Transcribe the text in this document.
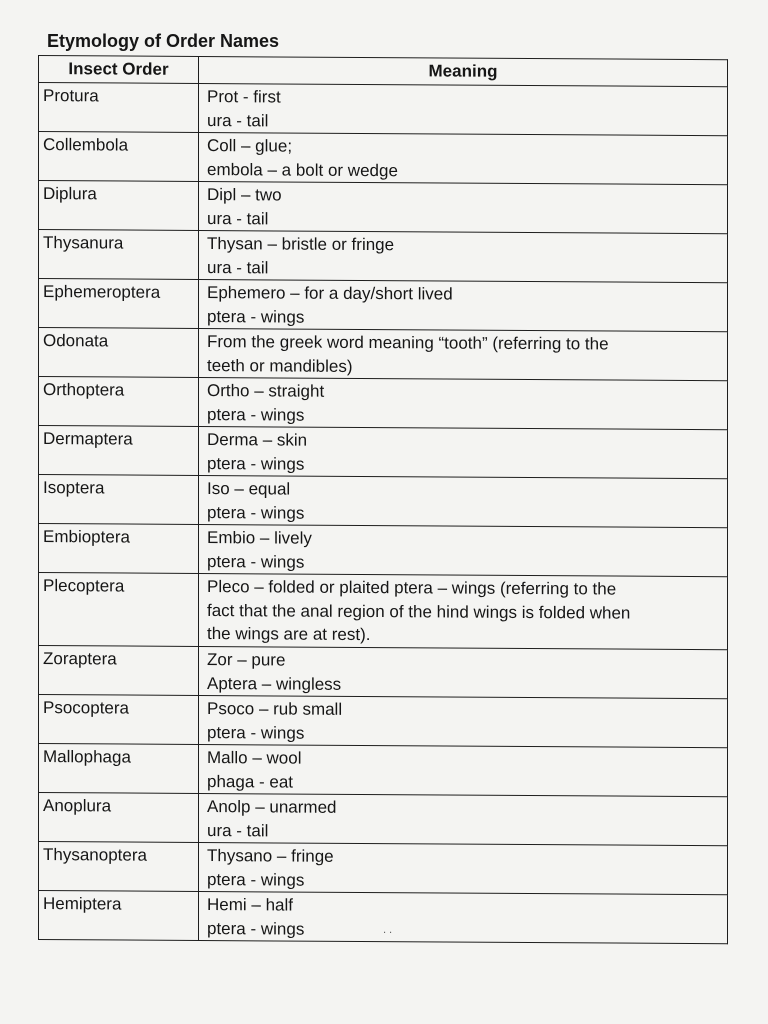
Etymology of Order Names
Insect Order	Meaning
Protura	Prot - first
ura - tail

Collembola	Coll – glue;
embola – a bolt or wedge

Diplura	Dipl – two
ura - tail

Thysanura	Thysan – bristle or fringe
ura - tail

Ephemeroptera	Ephemero – for a day/short lived
ptera - wings

Odonata	From the greek word meaning “tooth” (referring to the
teeth or mandibles)

Orthoptera	Ortho – straight
ptera - wings

Dermaptera	Derma – skin
ptera - wings

Isoptera	Iso – equal
ptera - wings

Embioptera	Embio – lively
ptera - wings

Plecoptera	Pleco – folded or plaited ptera – wings (referring to the
fact that the anal region of the hind wings is folded when
the wings are at rest).

Zoraptera	Zor – pure
Aptera – wingless

Psocoptera	Psoco – rub small
ptera - wings

Mallophaga	Mallo – wool
phaga - eat

Anoplura	Anolp – unarmed
ura - tail

Thysanoptera	Thysano – fringe
ptera - wings

Hemiptera	Hemi – half
ptera - wings	‧ ‧
